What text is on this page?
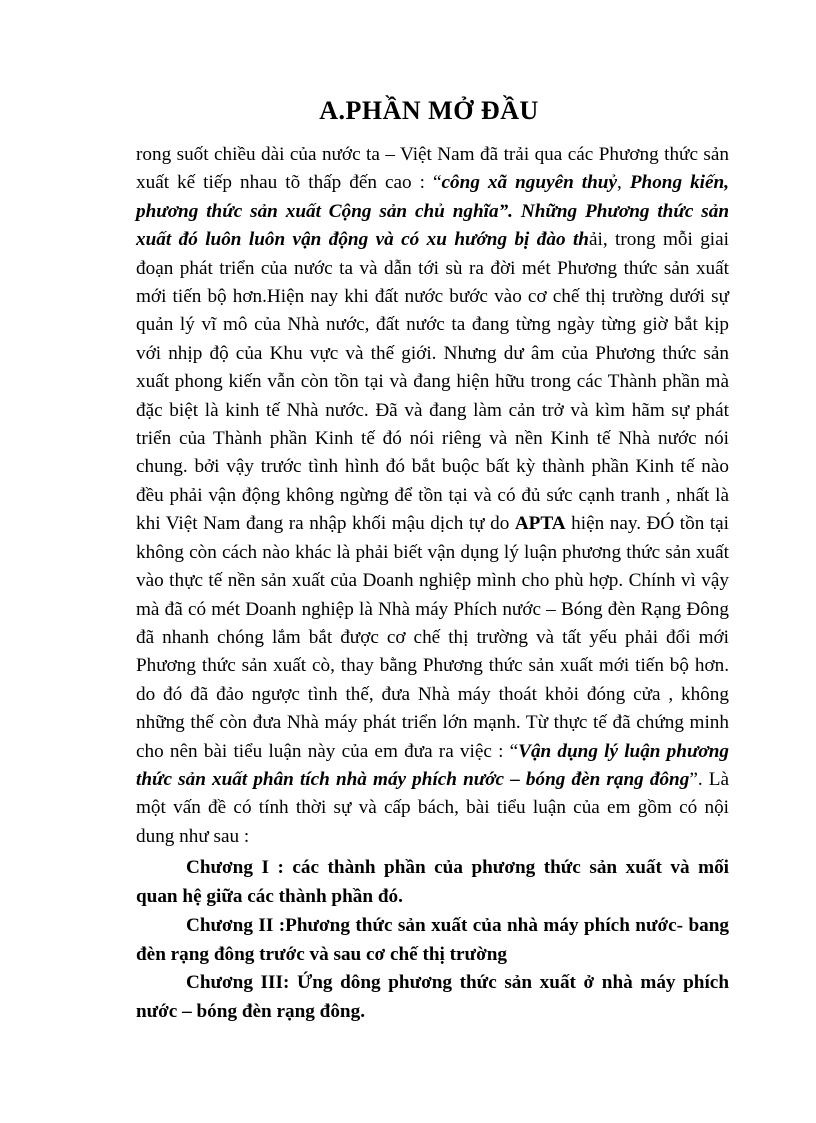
A.PHẦN MỞ ĐẦU

rong suốt chiều dài của nước ta – Việt Nam đã trải qua các Phương thức sản xuất kế tiếp nhau tõ thấp đến cao : “công xã nguyên thuỷ, Phong kiến, phương thức sản xuất Cộng sản chủ nghĩa”. Những Phương thức sản xuất đó luôn luôn vận động và có xu hướng bị đào thải, trong mỗi giai đoạn phát triển của nước ta và dẫn tới sù ra đời mét Phương thức sản xuất mới tiến bộ hơn.Hiện nay khi đất nước bước vào cơ chế thị trường dưới sự quản lý vĩ mô của Nhà nước, đất nước ta đang từng ngày từng giờ bắt kịp với nhịp độ của Khu vực và thế giới. Nhưng dư âm của Phương thức sản xuất phong kiến vẫn còn tồn tại và đang hiện hữu trong các Thành phần mà đặc biệt là kinh tế Nhà nước. Đã và đang làm cản trở và kìm hãm sự phát triển của Thành phần Kinh tế đó nói riêng và nền Kinh tế Nhà nước nói chung. bởi vậy trước tình hình đó bắt buộc bất kỳ thành phần Kinh tế nào đều phải vận động không ngừng để tồn tại và có đủ sức cạnh tranh , nhất là khi Việt Nam đang ra nhập khối mậu dịch tự do APTA hiện nay. ĐÓ tồn tại không còn cách nào khác là phải biết vận dụng lý luận phương thức sản xuất vào thực tế nền sản xuất của Doanh nghiệp mình cho phù hợp. Chính vì vậy mà đã có mét Doanh nghiệp là Nhà máy Phích nước – Bóng đèn Rạng Đông đã nhanh chóng lắm bắt được cơ chế thị trường và tất yếu phải đổi mới Phương thức sản xuất cò, thay bằng Phương thức sản xuất mới tiến bộ hơn. do đó đã đảo ngược tình thế, đưa Nhà máy thoát khỏi đóng cửa , không những thế còn đưa Nhà máy phát triển lớn mạnh. Từ thực tế đã chứng minh cho nên bài tiểu luận này của em đưa ra việc : “Vận dụng lý luận phương thức sản xuất phân tích nhà máy phích nước – bóng đèn rạng đông”. Là một vấn đề có tính thời sự và cấp bách, bài tiểu luận của em gồm có nội dung như sau :

Chương I : các thành phần của phương thức sản xuất và mối quan hệ giữa các thành phần đó.

Chương II :Phương thức sản xuất của nhà máy phích nước- bang đèn rạng đông trước và sau cơ chế thị trường

Chương III: Ứng dông phương thức sản xuất ở nhà máy phích nước – bóng đèn rạng đông.
